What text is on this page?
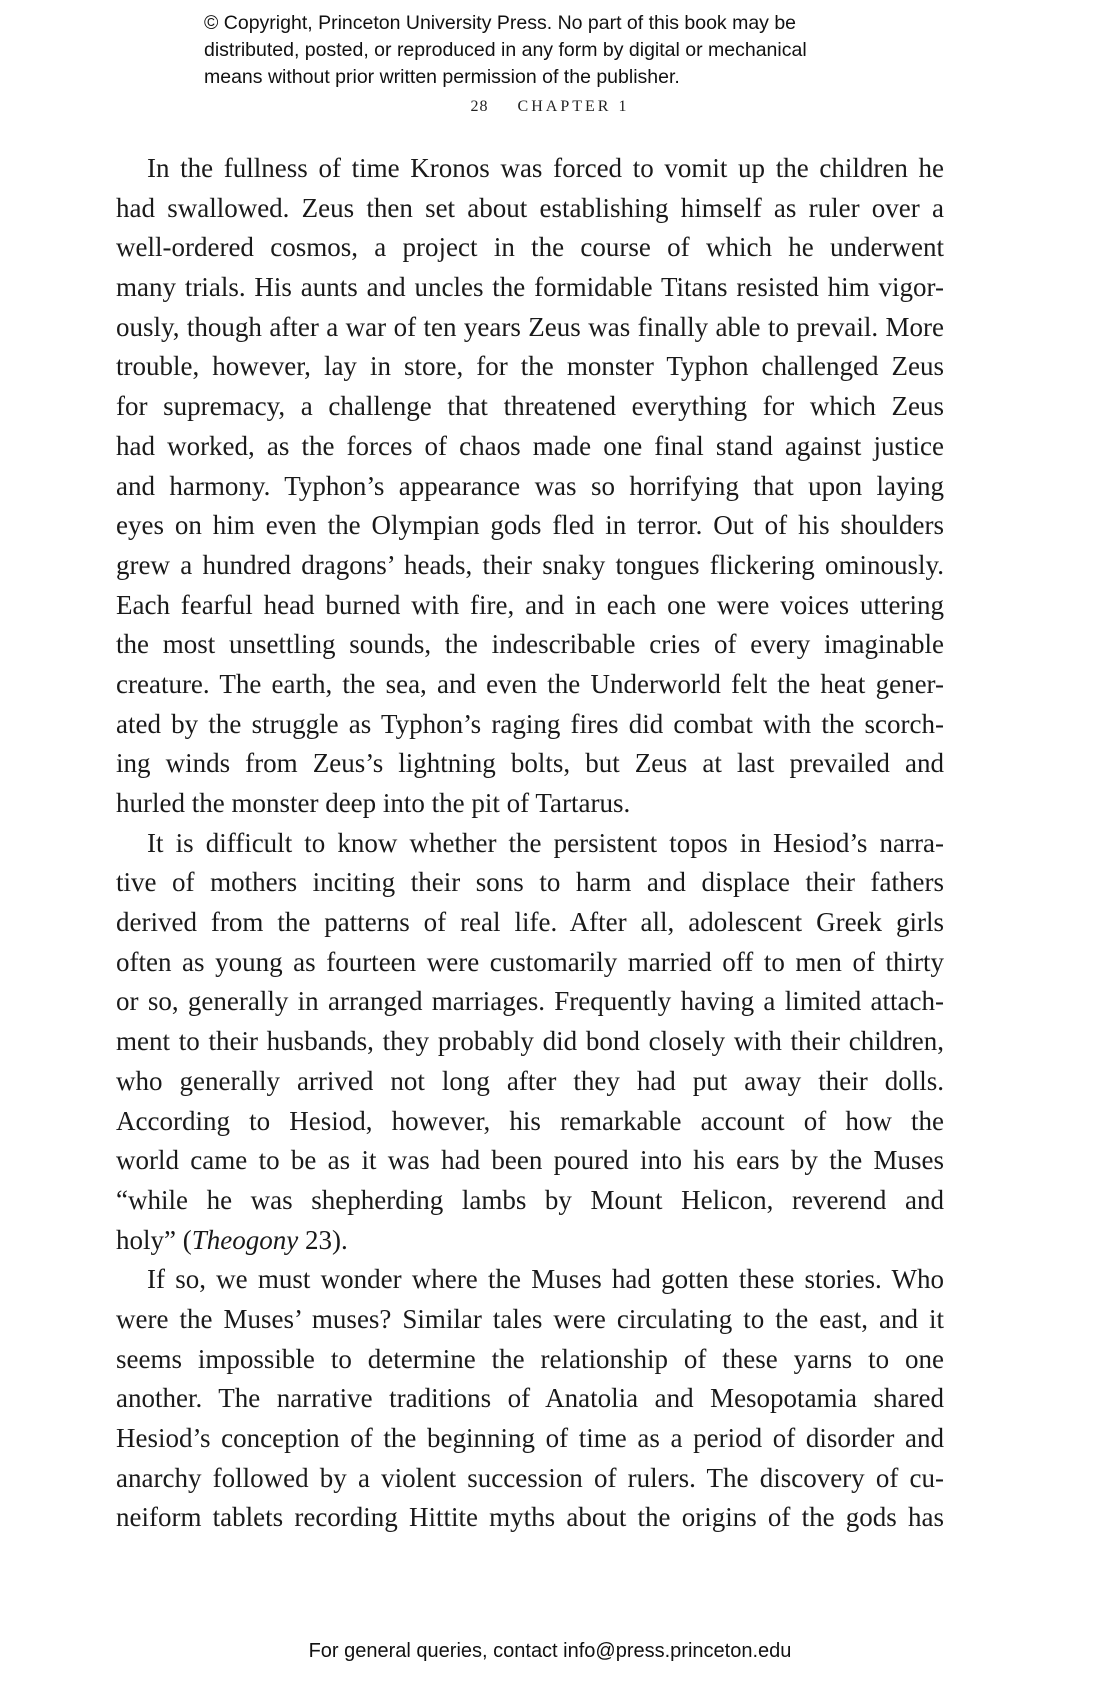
© Copyright, Princeton University Press. No part of this book may be
distributed, posted, or reproduced in any form by digital or mechanical
means without prior written permission of the publisher.
28 CHAPTER 1
In the fullness of time Kronos was forced to vomit up the children he
had swallowed. Zeus then set about establishing himself as ruler over a
well-ordered cosmos, a project in the course of which he underwent
many trials. His aunts and uncles the formidable Titans resisted him vigor-
ously, though after a war of ten years Zeus was finally able to prevail. More
trouble, however, lay in store, for the monster Typhon challenged Zeus
for supremacy, a challenge that threatened everything for which Zeus
had worked, as the forces of chaos made one final stand against justice
and harmony. Typhon’s appearance was so horrifying that upon laying
eyes on him even the Olympian gods fled in terror. Out of his shoulders
grew a hundred dragons’ heads, their snaky tongues flickering ominously.
Each fearful head burned with fire, and in each one were voices uttering
the most unsettling sounds, the indescribable cries of every imaginable
creature. The earth, the sea, and even the Underworld felt the heat gener-
ated by the struggle as Typhon’s raging fires did combat with the scorch-
ing winds from Zeus’s lightning bolts, but Zeus at last prevailed and
hurled the monster deep into the pit of Tartarus.
It is difficult to know whether the persistent topos in Hesiod’s narra-
tive of mothers inciting their sons to harm and displace their fathers
derived from the patterns of real life. After all, adolescent Greek girls
often as young as fourteen were customarily married off to men of thirty
or so, generally in arranged marriages. Frequently having a limited attach-
ment to their husbands, they probably did bond closely with their children,
who generally arrived not long after they had put away their dolls.
According to Hesiod, however, his remarkable account of how the
world came to be as it was had been poured into his ears by the Muses
“while he was shepherding lambs by Mount Helicon, reverend and
holy” (Theogony 23).
If so, we must wonder where the Muses had gotten these stories. Who
were the Muses’ muses? Similar tales were circulating to the east, and it
seems impossible to determine the relationship of these yarns to one
another. The narrative traditions of Anatolia and Mesopotamia shared
Hesiod’s conception of the beginning of time as a period of disorder and
anarchy followed by a violent succession of rulers. The discovery of cu-
neiform tablets recording Hittite myths about the origins of the gods has
For general queries, contact info@press.princeton.edu
